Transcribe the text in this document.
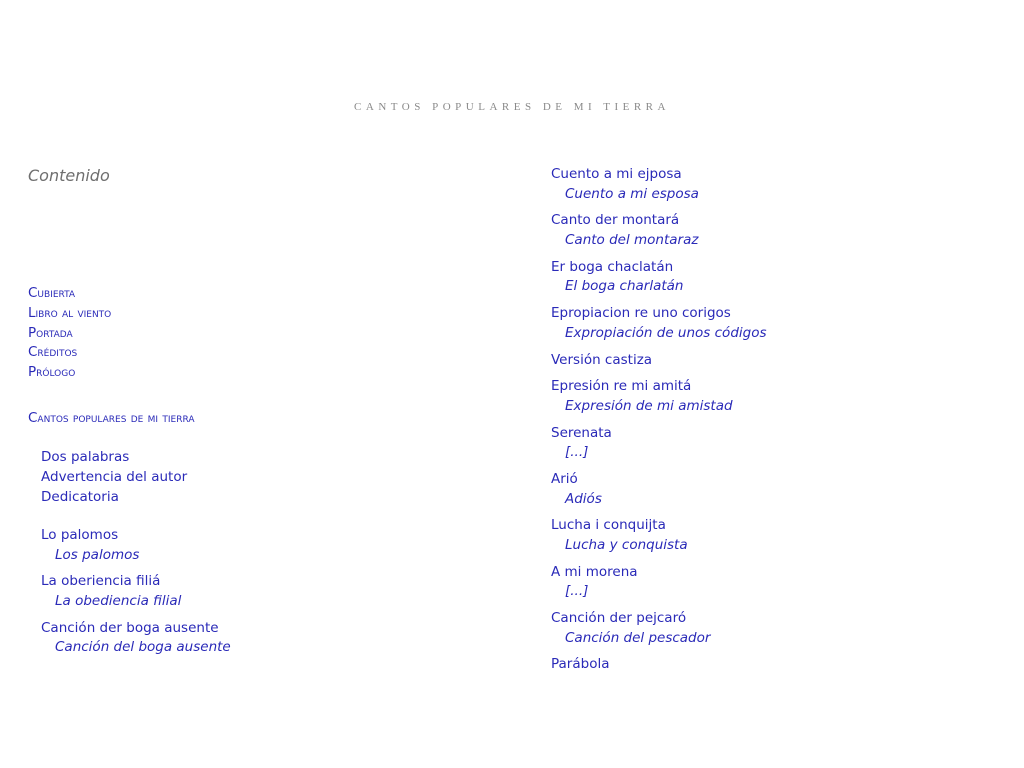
CANTOS POPULARES DE MI TIERRA
Contenido
Cubierta
Libro al viento
Portada
Créditos
Prólogo
Cantos populares de mi tierra
Dos palabras
Advertencia del autor
Dedicatoria
Lo palomos
Los palomos
La oberiencia filiá
La obediencia filial
Canción der boga ausente
Canción del boga ausente
Cuento a mi ejposa
Cuento a mi esposa
Canto der montará
Canto del montaraz
Er boga chaclatán
El boga charlatán
Epropiacion re uno corigos
Expropiación de unos códigos
Versión castiza
Epresión re mi amitá
Expresión de mi amistad
Serenata
[...]
Arió
Adiós
Lucha i conquijta
Lucha y conquista
A mi morena
[...]
Canción der pejcaró
Canción del pescador
Parábola
